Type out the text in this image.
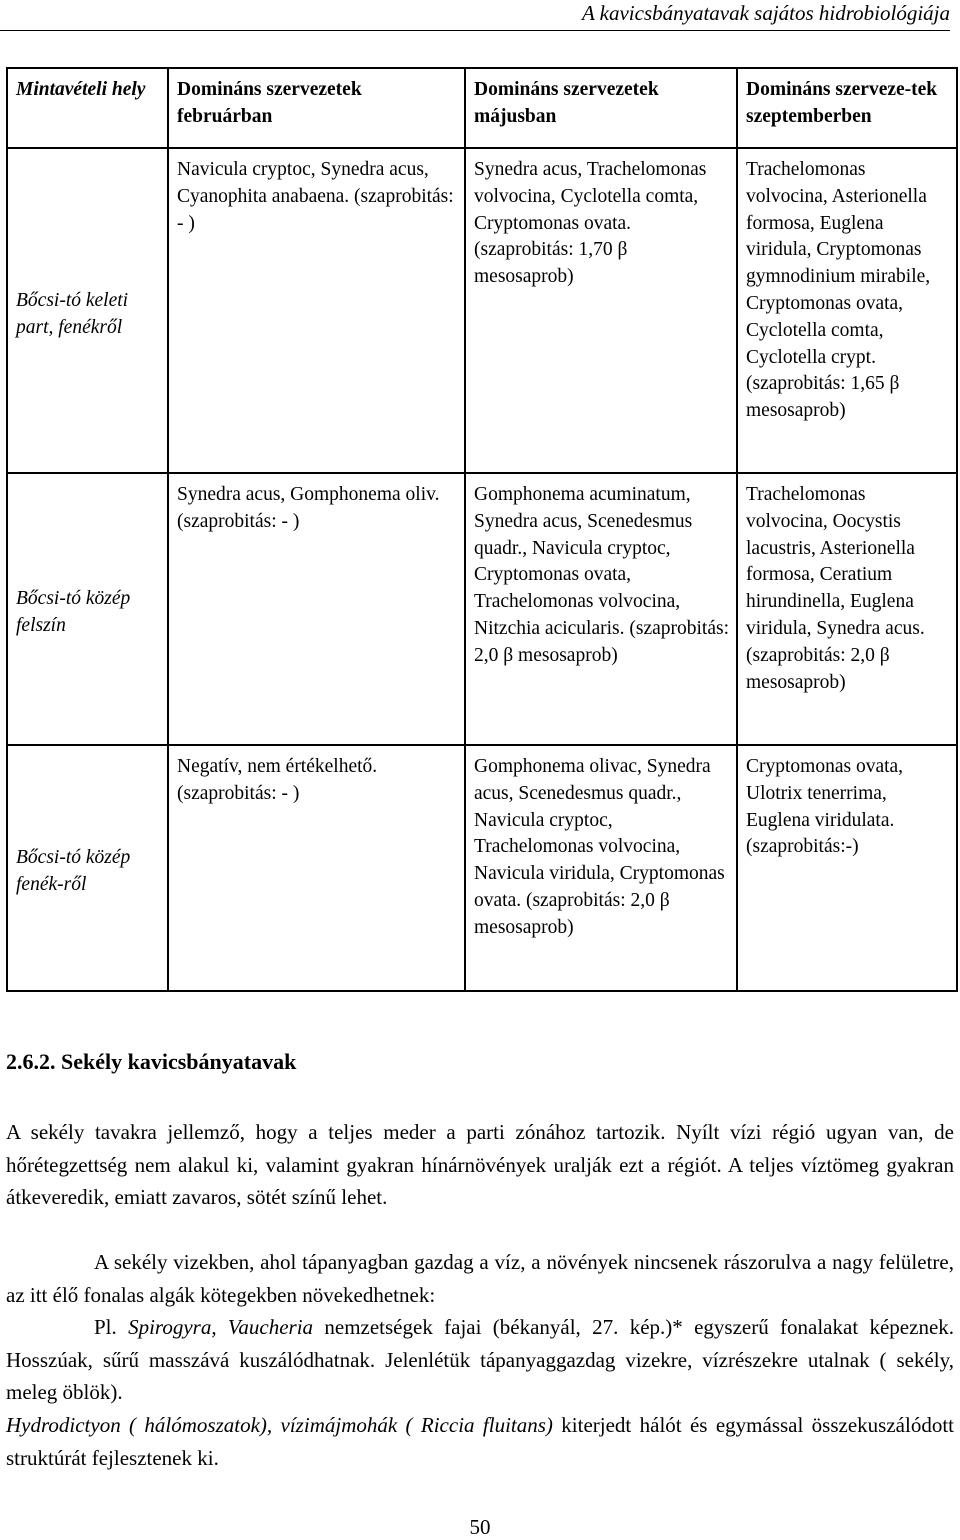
A kavicsbányatavak sajátos hidrobiológiája
Mintavételi hely	Domináns szervezetek februárban	Domináns szervezetek májusban	Domináns szerveze-tek szeptemberben
Bőcsi-tó keleti part, fenékről	Navicula cryptoc, Synedra acus, Cyanophita anabaena. (szaprobitás: - )	Synedra acus, Trachelomonas volvocina, Cyclotella comta, Cryptomonas ovata. (szaprobitás: 1,70 β mesosaprob)	Trachelomonas volvocina, Asterionella formosa, Euglena viridula, Cryptomonas gymnodinium mirabile, Cryptomonas ovata, Cyclotella comta, Cyclotella crypt. (szaprobitás: 1,65 β mesosaprob)
Bőcsi-tó közép felszín	Synedra acus, Gomphonema oliv. (szaprobitás: - )	Gomphonema acuminatum, Synedra acus, Scenedesmus quadr., Navicula cryptoc, Cryptomonas ovata, Trachelomonas volvocina, Nitzchia acicularis. (szaprobitás: 2,0 β mesosaprob)	Trachelomonas volvocina, Oocystis lacustris, Asterionella formosa, Ceratium hirundinella, Euglena viridula, Synedra acus. (szaprobitás: 2,0 β mesosaprob)
Bőcsi-tó közép fenék-ről	Negatív, nem értékelhető. (szaprobitás: - )	Gomphonema olivac, Synedra acus, Scenedesmus quadr., Navicula cryptoc, Trachelomonas volvocina, Navicula viridula, Cryptomonas ovata. (szaprobitás: 2,0 β mesosaprob)	Cryptomonas ovata, Ulotrix tenerrima, Euglena viridulata. (szaprobitás:-)
2.6.2. Sekély kavicsbányatavak

A sekély tavakra jellemző, hogy a teljes meder a parti zónához tartozik. Nyílt vízi régió ugyan van, de hőrétegzettség nem alakul ki, valamint gyakran hínárnövények uralják ezt a régiót. A teljes víztömeg gyakran átkeveredik, emiatt zavaros, sötét színű lehet.

A sekély vizekben, ahol tápanyagban gazdag a víz, a növények nincsenek rászorulva a nagy felületre, az itt élő fonalas algák kötegekben növekedhetnek:

Pl. Spirogyra, Vaucheria nemzetségek fajai (békanyál, 27. kép.)* egyszerű fonalakat képeznek. Hosszúak, sűrű masszává kuszálódhatnak. Jelenlétük tápanyaggazdag vizekre, vízrészekre utalnak ( sekély, meleg öblök).

Hydrodictyon ( hálómoszatok), vízimájmohák ( Riccia fluitans) kiterjedt hálót és egymással összekuszálódott struktúrát fejlesztenek ki.

50
